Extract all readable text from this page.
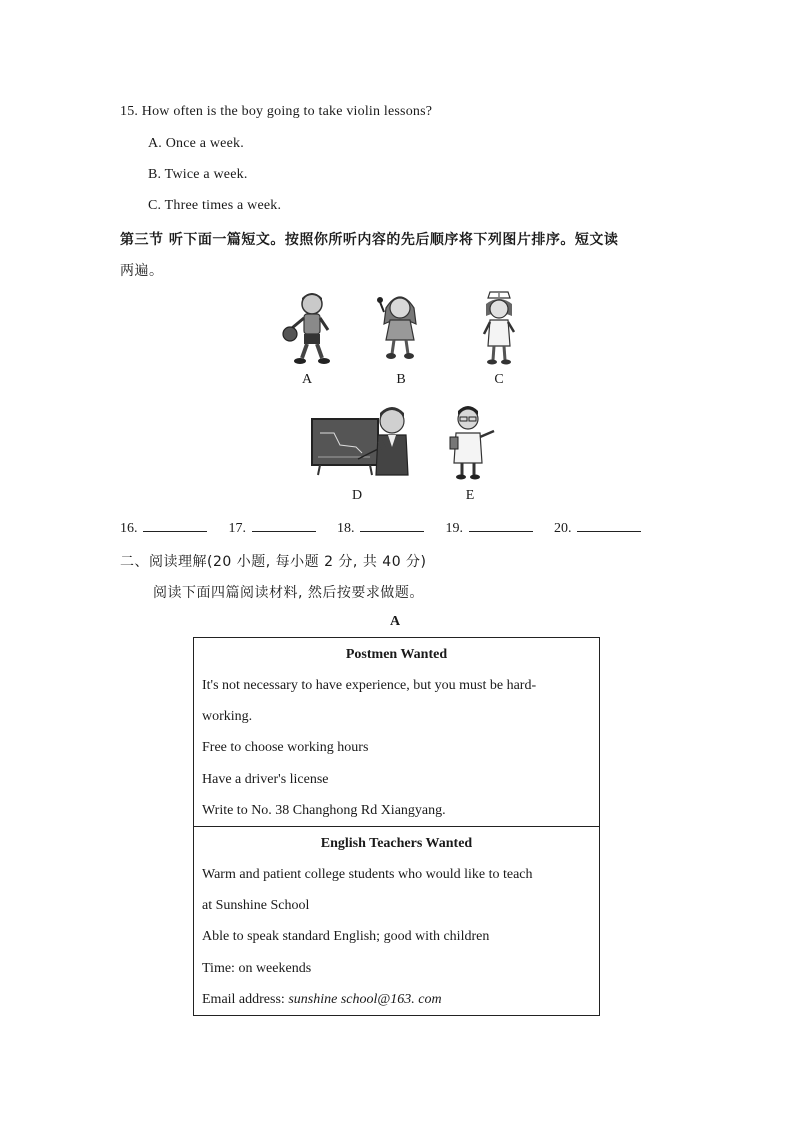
15. How often is the boy going to take violin lessons?
A. Once a week.
B. Twice a week.
C. Three times a week.
第三节 听下面一篇短文。按照你所听内容的先后顺序将下列图片排序。短文读
两遍。
A	B	C
D	E
16.	17.	18.	19.	20.
二、阅读理解(20 小题, 每小题 2 分, 共 40 分)
阅读下面四篇阅读材料, 然后按要求做题。
A
Postmen Wanted
It's not necessary to have experience, but you must be hard-
working.
Free to choose working hours
Have a driver's license
Write to No. 38 Changhong Rd Xiangyang.
English Teachers Wanted
Warm and patient college students who would like to teach
at Sunshine School
Able to speak standard English; good with children
Time: on weekends
Email address: sunshine school@163. com
